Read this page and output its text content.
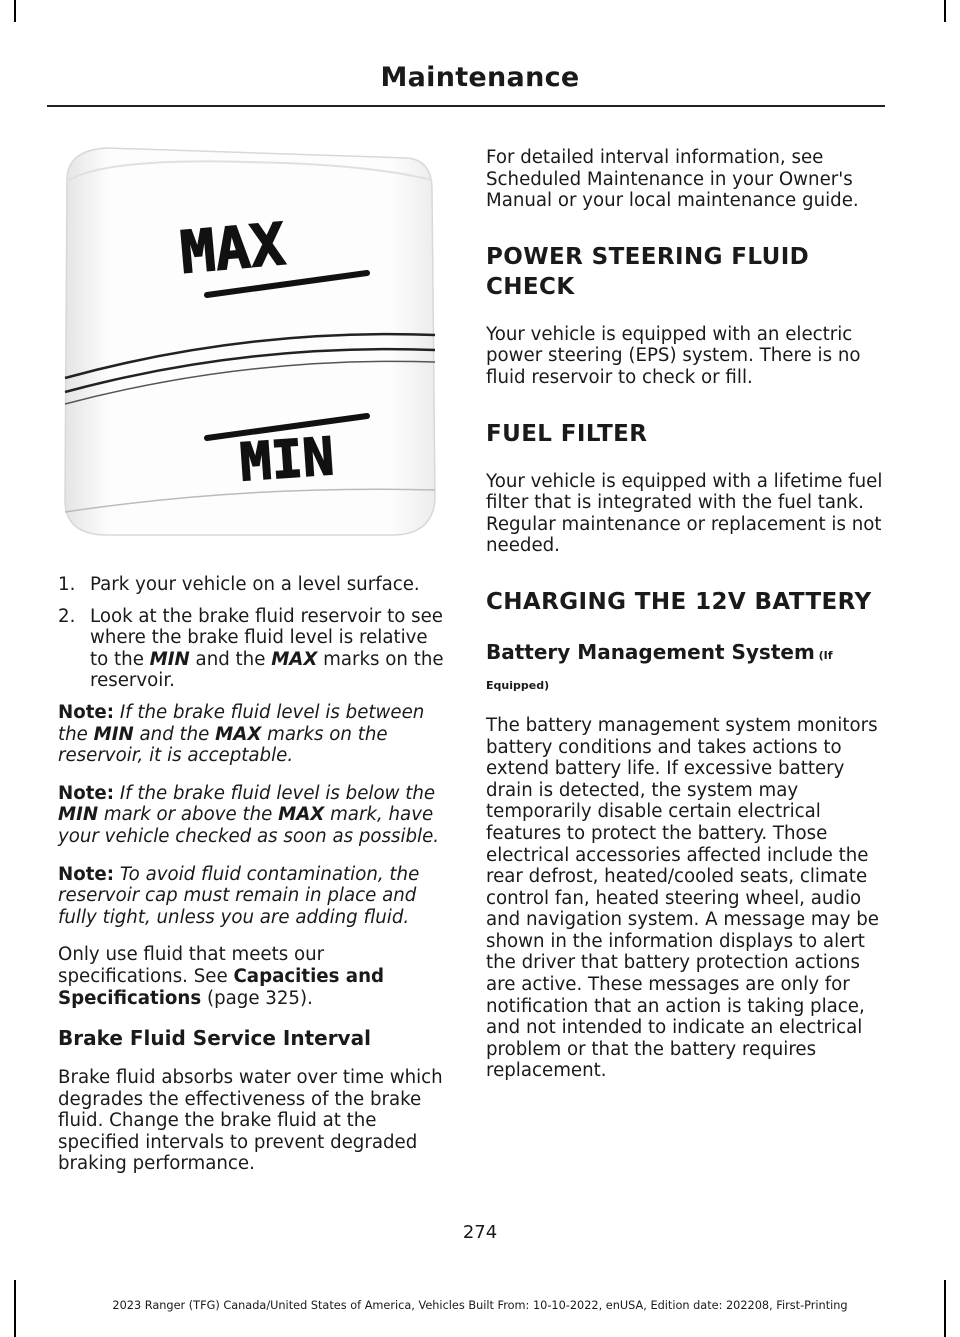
Maintenance
MAX
MIN
1. Park your vehicle on a level surface.
2. Look at the brake fluid reservoir to see where the brake fluid level is relative to the MIN and the MAX marks on the reservoir.

Note: If the brake fluid level is between the MIN and the MAX marks on the reservoir, it is acceptable.

Note: If the brake fluid level is below the MIN mark or above the MAX mark, have your vehicle checked as soon as possible.

Note: To avoid fluid contamination, the reservoir cap must remain in place and fully tight, unless you are adding fluid.

Only use fluid that meets our specifications. See Capacities and Specifications (page 325).

Brake Fluid Service Interval

Brake fluid absorbs water over time which degrades the effectiveness of the brake fluid. Change the brake fluid at the specified intervals to prevent degraded braking performance.

For detailed interval information, see Scheduled Maintenance in your Owner's Manual or your local maintenance guide.

POWER STEERING FLUID
CHECK

Your vehicle is equipped with an electric power steering (EPS) system. There is no fluid reservoir to check or fill.

FUEL FILTER

Your vehicle is equipped with a lifetime fuel filter that is integrated with the fuel tank. Regular maintenance or replacement is not needed.

CHARGING THE 12V BATTERY
Battery Management System (If Equipped)

The battery management system monitors battery conditions and takes actions to extend battery life. If excessive battery drain is detected, the system may temporarily disable certain electrical features to protect the battery. Those electrical accessories affected include the rear defrost, heated/cooled seats, climate control fan, heated steering wheel, audio and navigation system. A message may be shown in the information displays to alert the driver that battery protection actions are active. These messages are only for notification that an action is taking place, and not intended to indicate an electrical problem or that the battery requires replacement.

274
2023 Ranger (TFG) Canada/United States of America, Vehicles Built From: 10-10-2022, enUSA, Edition date: 202208, First-Printing
